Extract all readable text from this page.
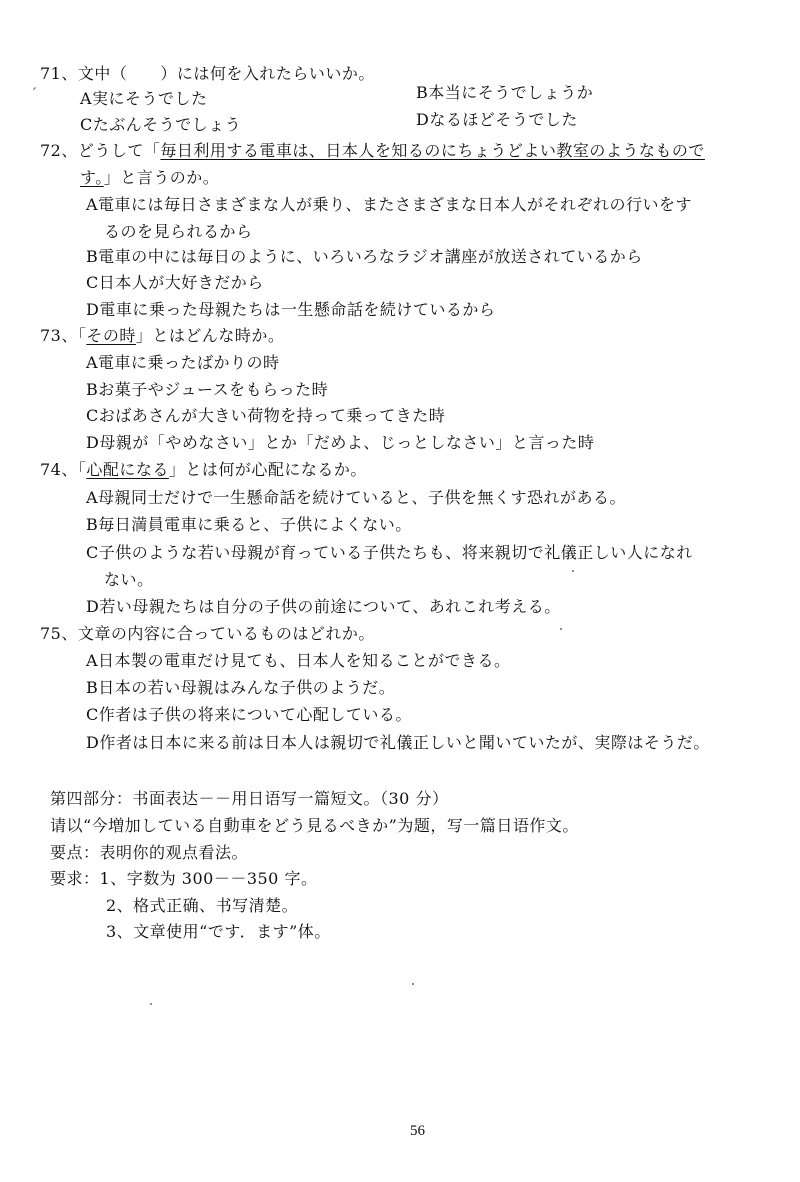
′
71、文中（　　）には何を入れたらいいか。
A実にそうでした	B本当にそうでしょうか
Cたぶんそうでしょう	Dなるほどそうでした
72、どうして「毎日利用する電車は、日本人を知るのにちょうどよい教室のようなもので
す。」と言うのか。
A電車には毎日さまざまな人が乗り、またさまざまな日本人がそれぞれの行いをす
るのを見られるから
B電車の中には毎日のように、いろいろなラジオ講座が放送されているから
C日本人が大好きだから
D電車に乗った母親たちは一生懸命話を続けているから
73、「その時」とはどんな時か。
A電車に乗ったばかりの時
Bお菓子やジュースをもらった時
Cおばあさんが大きい荷物を持って乗ってきた時
D母親が「やめなさい」とか「だめよ、じっとしなさい」と言った時
74、「心配になる」とは何が心配になるか。
A母親同士だけで一生懸命話を続けていると、子供を無くす恐れがある。
B毎日満員電車に乗ると、子供によくない。
C子供のような若い母親が育っている子供たちも、将来親切で礼儀正しい人になれ
ない。
D若い母親たちは自分の子供の前途について、あれこれ考える。
75、文章の内容に合っているものはどれか。
A日本製の電車だけ見ても、日本人を知ることができる。
B日本の若い母親はみんな子供のようだ。
C作者は子供の将来について心配している。
D作者は日本に来る前は日本人は親切で礼儀正しいと聞いていたが、実際はそうだ。
第四部分：书面表达－－用日语写一篇短文。（30 分）
请以“今増加している自動車をどう見るべきか”为题，写一篇日语作文。
要点：表明你的观点看法。
要求：1、字数为 300－－350 字。
2、格式正确、书写清楚。
3、文章使用“です．ます”体。
56
